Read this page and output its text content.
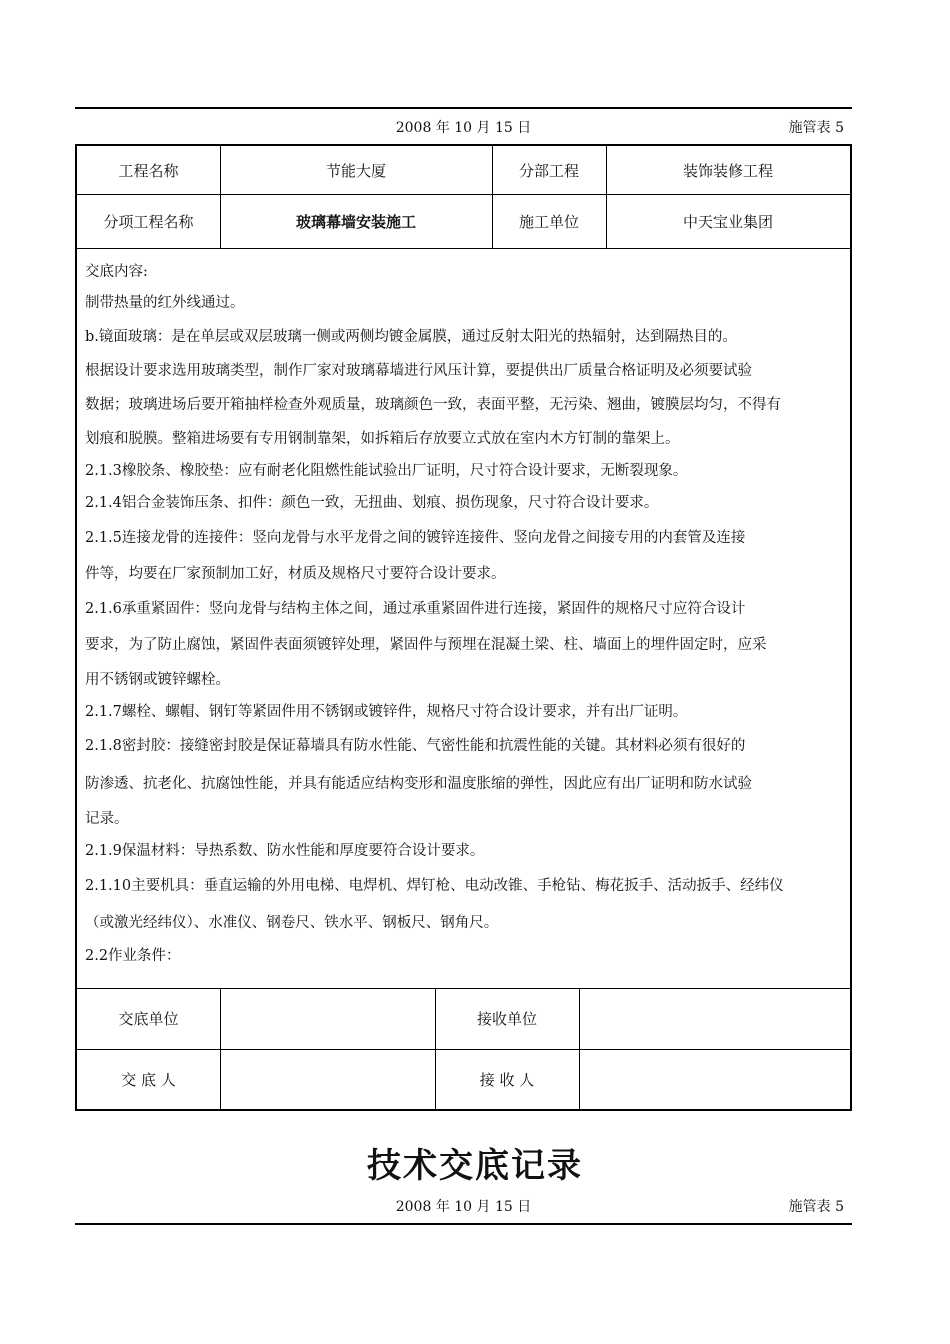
2008 年 10 月 15 日	施管表 5
工程名称	节能大厦	分部工程	装饰装修工程
分项工程名称	玻璃幕墙安装施工	施工单位	中天宝业集团

交底内容:

制带热量的红外线通过。

b.镜面玻璃：是在单层或双层玻璃一侧或两侧均镀金属膜，通过反射太阳光的热辐射，达到隔热目的。

根据设计要求选用玻璃类型，制作厂家对玻璃幕墙进行风压计算，要提供出厂质量合格证明及必须要试验

数据；玻璃进场后要开箱抽样检查外观质量，玻璃颜色一致，表面平整，无污染、翘曲，镀膜层均匀，不得有

划痕和脱膜。整箱进场要有专用钢制靠架，如拆箱后存放要立式放在室内木方钉制的靠架上。

2.1.3橡胶条、橡胶垫：应有耐老化阻燃性能试验出厂证明，尺寸符合设计要求，无断裂现象。

2.1.4铝合金装饰压条、扣件：颜色一致，无扭曲、划痕、损伤现象，尺寸符合设计要求。

2.1.5连接龙骨的连接件：竖向龙骨与水平龙骨之间的镀锌连接件、竖向龙骨之间接专用的内套管及连接

件等，均要在厂家预制加工好，材质及规格尺寸要符合设计要求。

2.1.6承重紧固件：竖向龙骨与结构主体之间，通过承重紧固件进行连接，紧固件的规格尺寸应符合设计

要求，为了防止腐蚀，紧固件表面须镀锌处理，紧固件与预埋在混凝土梁、柱、墙面上的埋件固定时，应采

用不锈钢或镀锌螺栓。

2.1.7螺栓、螺帽、钢钉等紧固件用不锈钢或镀锌件，规格尺寸符合设计要求，并有出厂证明。

2.1.8密封胶：接缝密封胶是保证幕墙具有防水性能、气密性能和抗震性能的关键。其材料必须有很好的

防渗透、抗老化、抗腐蚀性能，并具有能适应结构变形和温度胀缩的弹性，因此应有出厂证明和防水试验

记录。

2.1.9保温材料：导热系数、防水性能和厚度要符合设计要求。

2.1.10主要机具：垂直运输的外用电梯、电焊机、焊钉枪、电动改锥、手枪钻、梅花扳手、活动扳手、经纬仪

（或激光经纬仪）、水准仪、钢卷尺、铁水平、钢板尺、钢角尺。

2.2作业条件：

交底单位	接收单位
交 底 人	接 收 人
技术交底记录
2008 年 10 月 15 日	施管表 5
